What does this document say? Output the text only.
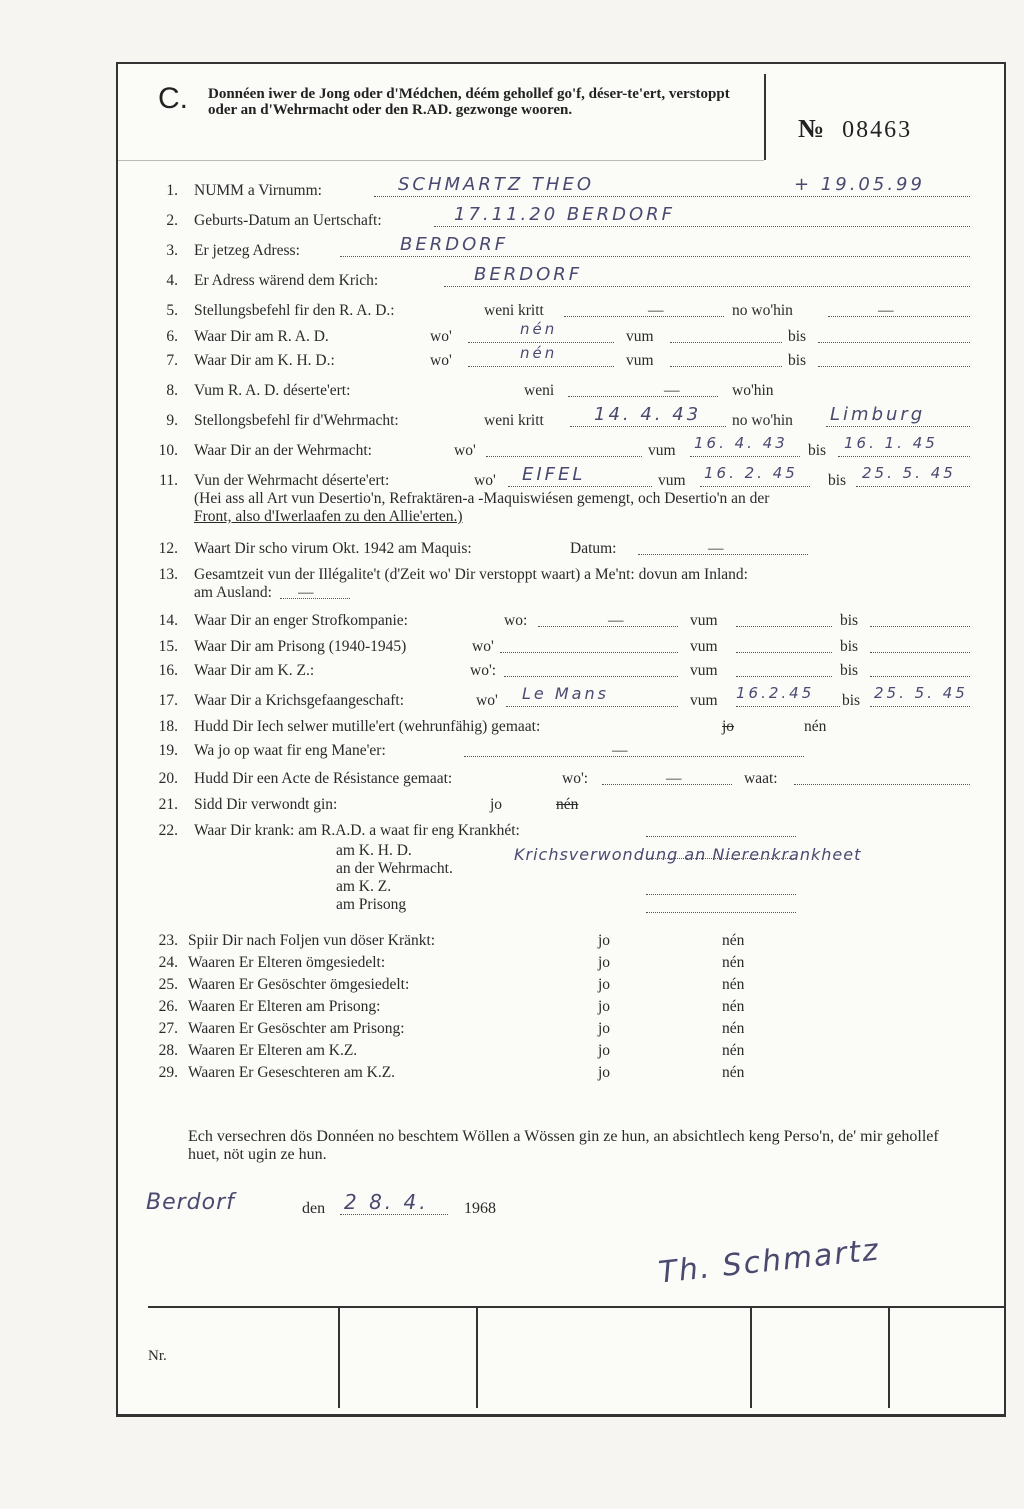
C. Donnéen iwer de Jong oder d'Médchen, déém gehollef go'f, déser-te'ert, verstoppt oder an d'Wehrmacht oder den R.AD. gezwonge wooren.
№ 08463
1. NUMM a Virnumm:	SCHMARTZ THEO	+ 19.05.99
2. Geburts-Datum an Uertschaft:	17.11.20 BERDORF
3. Er jetzeg Adress:	BERDORF
4. Er Adress wärend dem Krich:	BERDORF
5. Stellungsbefehl fir den R. A. D.:	weni kritt	—	no wo'hin	—
6. Waar Dir am R. A. D.	wo'	nén	vum	bis
7. Waar Dir am K. H. D.:	wo'	nén	vum	bis
8. Vum R. A. D. déserte'ert:	weni	—	wo'hin
9. Stellongsbefehl fir d'Wehrmacht:	weni kritt	14. 4. 43 no wo'hin Limburg
10. Waar Dir an der Wehrmacht:	wo'	vum 16. 4. 43 bis 16. 1. 45
11. Vun der Wehrmacht déserte'ert:	wo' EIFEL	vum 16. 2. 45 bis 25. 5. 45
(Hei ass all Art vun Desertio'n, Refraktären-a -Maquiswiésen gemengt, och Desertio'n an der
Front, also d'Iwerlaafen zu den Allie'erten.)
12. Waart Dir scho virum Okt. 1942 am Maquis:	Datum:	—
13. Gesamtzeit vun der Illégalite't (d'Zeit wo' Dir verstoppt waart) a Me'nt: dovun am Inland:
am Ausland: —
14. Waar Dir an enger Strofkompanie:	wo:	—	vum	bis
15. Waar Dir am Prisong (1940-1945)	wo'	vum	bis
16. Waar Dir am K. Z.:	wo':	vum	bis
17. Waar Dir a Krichsgefaangeschaft:	wo' Le Mans	vum 16.2.45 bis 25. 5. 45
18. Hudd Dir Iech selwer mutille'ert (wehrunfähig) gemaat:	jo	nén
19. Wa jo op waat fir eng Mane'er:	—
20. Hudd Dir een Acte de Résistance gemaat:	wo':	—	waat:
21. Sidd Dir verwondt gin:	jo	nén
22. Waar Dir krank: am R.A.D. a waat fir eng Krankhét:
am K. H. D.
an der Wehrmacht.
am K. Z.
am Prisong
Krichsverwondung an Nierenkrankheet
23. Spiir Dir nach Foljen vun döser Kränkt:	jo	nén
24. Waaren Er Elteren ömgesiedelt:	jo	nén
25. Waaren Er Gesöschter ömgesiedelt:	jo	nén
26. Waaren Er Elteren am Prisong:	jo	nén
27. Waaren Er Gesöschter am Prisong:	jo	nén
28. Waaren Er Elteren am K.Z.	jo	nén
29. Waaren Er Geseschteren am K.Z.	jo	nén
Ech versechren dös Donnéen no beschtem Wöllen a Wössen gin ze hun, an absichtlech keng Perso'n, de' mir gehollef huet, nöt ugin ze hun.
Berdorf	den 2 8. 4. 1968
Th. Schmartz
Nr.
